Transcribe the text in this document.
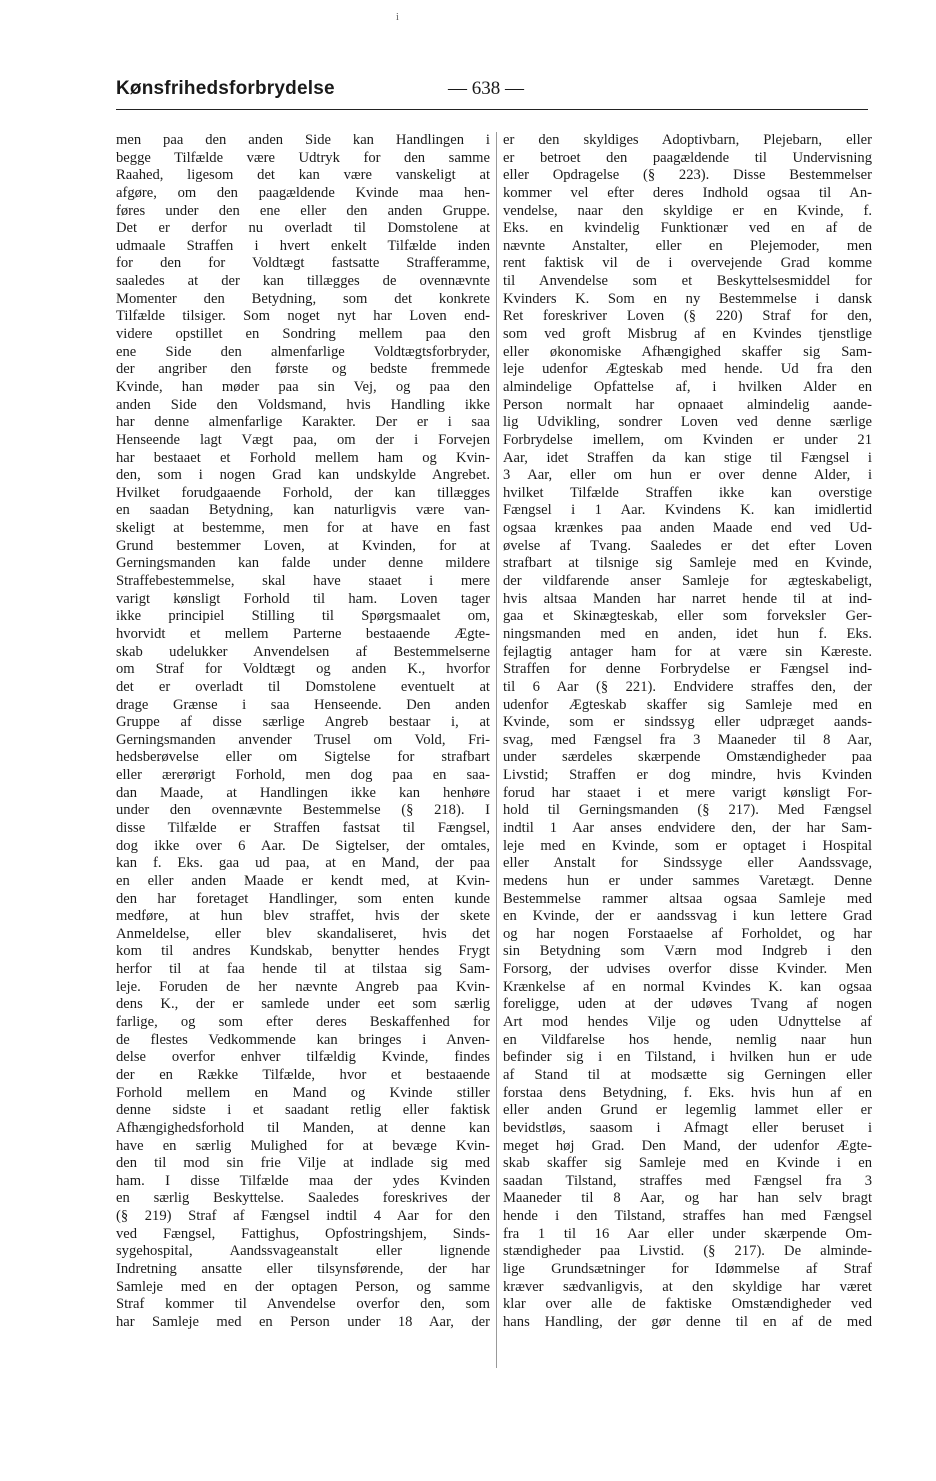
i
Kønsfrihedsforbrydelse	— 638 —
men paa den anden Side kan Handlingen i
begge Tilfælde være Udtryk for den samme
Raahed, ligesom det kan være vanskeligt at
afgøre, om den paagældende Kvinde maa hen-
føres under den ene eller den anden Gruppe.
Det er derfor nu overladt til Domstolene at
udmaale Straffen i hvert enkelt Tilfælde inden
for den for Voldtægt fastsatte Strafferamme,
saaledes at der kan tillægges de ovennævnte
Momenter den Betydning, som det konkrete
Tilfælde tilsiger. Som noget nyt har Loven end-
videre opstillet en Sondring mellem paa den
ene Side den almenfarlige Voldtægtsforbryder,
der angriber den første og bedste fremmede
Kvinde, han møder paa sin Vej, og paa den
anden Side den Voldsmand, hvis Handling ikke
har denne almenfarlige Karakter. Der er i saa
Henseende lagt Vægt paa, om der i Forvejen
har bestaaet et Forhold mellem ham og Kvin-
den, som i nogen Grad kan undskylde Angrebet.
Hvilket forudgaaende Forhold, der kan tillægges
en saadan Betydning, kan naturligvis være van-
skeligt at bestemme, men for at have en fast
Grund bestemmer Loven, at Kvinden, for at
Gerningsmanden kan falde under denne mildere
Straffebestemmelse, skal have staaet i mere
varigt kønsligt Forhold til ham. Loven tager
ikke principiel Stilling til Spørgsmaalet om,
hvorvidt et mellem Parterne bestaaende Ægte-
skab udelukker Anvendelsen af Bestemmelserne
om Straf for Voldtægt og anden K., hvorfor
det er overladt til Domstolene eventuelt at
drage Grænse i saa Henseende. Den anden
Gruppe af disse særlige Angreb bestaar i, at
Gerningsmanden anvender Trusel om Vold, Fri-
hedsberøvelse eller om Sigtelse for strafbart
eller ærerørigt Forhold, men dog paa en saa-
dan Maade, at Handlingen ikke kan henhøre
under den ovennævnte Bestemmelse (§ 218). I
disse Tilfælde er Straffen fastsat til Fængsel,
dog ikke over 6 Aar. De Sigtelser, der omtales,
kan f. Eks. gaa ud paa, at en Mand, der paa
en eller anden Maade er kendt med, at Kvin-
den har foretaget Handlinger, som enten kunde
medføre, at hun blev straffet, hvis der skete
Anmeldelse, eller blev skandaliseret, hvis det
kom til andres Kundskab, benytter hendes Frygt
herfor til at faa hende til at tilstaa sig Sam-
leje. Foruden de her nævnte Angreb paa Kvin-
dens K., der er samlede under eet som særlig
farlige, og som efter deres Beskaffenhed for
de flestes Vedkommende kan bringes i Anven-
delse overfor enhver tilfældig Kvinde, findes
der en Række Tilfælde, hvor et bestaaende
Forhold mellem en Mand og Kvinde stiller
denne sidste i et saadant retlig eller faktisk
Afhængighedsforhold til Manden, at denne kan
have en særlig Mulighed for at bevæge Kvin-
den til mod sin frie Vilje at indlade sig med
ham. I disse Tilfælde maa der ydes Kvinden
en særlig Beskyttelse. Saaledes foreskrives der
(§ 219) Straf af Fængsel indtil 4 Aar for den
ved Fængsel, Fattighus, Opfostringshjem, Sinds-
sygehospital, Aandssvageanstalt eller lignende
Indretning ansatte eller tilsynsførende, der har
Samleje med en der optagen Person, og samme
Straf kommer til Anvendelse overfor den, som
har Samleje med en Person under 18 Aar, der
er den skyldiges Adoptivbarn, Plejebarn, eller
er betroet den paagældende til Undervisning
eller Opdragelse (§ 223). Disse Bestemmelser
kommer vel efter deres Indhold ogsaa til An-
vendelse, naar den skyldige er en Kvinde, f.
Eks. en kvindelig Funktionær ved en af de
nævnte Anstalter, eller en Plejemoder, men
rent faktisk vil de i overvejende Grad komme
til Anvendelse som et Beskyttelsesmiddel for
Kvinders K. Som en ny Bestemmelse i dansk
Ret foreskriver Loven (§ 220) Straf for den,
som ved groft Misbrug af en Kvindes tjenstlige
eller økonomiske Afhængighed skaffer sig Sam-
leje udenfor Ægteskab med hende. Ud fra den
almindelige Opfattelse af, i hvilken Alder en
Person normalt har opnaaet almindelig aande-
lig Udvikling, sondrer Loven ved denne særlige
Forbrydelse imellem, om Kvinden er under 21
Aar, idet Straffen da kan stige til Fængsel i
3 Aar, eller om hun er over denne Alder, i
hvilket Tilfælde Straffen ikke kan overstige
Fængsel i 1 Aar. Kvindens K. kan imidlertid
ogsaa krænkes paa anden Maade end ved Ud-
øvelse af Tvang. Saaledes er det efter Loven
strafbart at tilsnige sig Samleje med en Kvinde,
der vildfarende anser Samleje for ægteskabeligt,
hvis altsaa Manden har narret hende til at ind-
gaa et Skinægteskab, eller som forveksler Ger-
ningsmanden med en anden, idet hun f. Eks.
fejlagtig antager ham for at være sin Kæreste.
Straffen for denne Forbrydelse er Fængsel ind-
til 6 Aar (§ 221). Endvidere straffes den, der
udenfor Ægteskab skaffer sig Samleje med en
Kvinde, som er sindssyg eller udpræget aands-
svag, med Fængsel fra 3 Maaneder til 8 Aar,
under særdeles skærpende Omstændigheder paa
Livstid; Straffen er dog mindre, hvis Kvinden
forud har staaet i et mere varigt kønsligt For-
hold til Gerningsmanden (§ 217). Med Fængsel
indtil 1 Aar anses endvidere den, der har Sam-
leje med en Kvinde, som er optaget i Hospital
eller Anstalt for Sindssyge eller Aandssvage,
medens hun er under sammes Varetægt. Denne
Bestemmelse rammer altsaa ogsaa Samleje med
en Kvinde, der er aandssvag i kun lettere Grad
og har nogen Forstaaelse af Forholdet, og har
sin Betydning som Værn mod Indgreb i den
Forsorg, der udvises overfor disse Kvinder. Men
Krænkelse af en normal Kvindes K. kan ogsaa
foreligge, uden at der udøves Tvang af nogen
Art mod hendes Vilje og uden Udnyttelse af
en Vildfarelse hos hende, nemlig naar hun
befinder sig i en Tilstand, i hvilken hun er ude
af Stand til at modsætte sig Gerningen eller
forstaa dens Betydning, f. Eks. hvis hun af en
eller anden Grund er legemlig lammet eller er
bevidstløs, saasom i Afmagt eller beruset i
meget høj Grad. Den Mand, der udenfor Ægte-
skab skaffer sig Samleje med en Kvinde i en
saadan Tilstand, straffes med Fængsel fra 3
Maaneder til 8 Aar, og har han selv bragt
hende i den Tilstand, straffes han med Fængsel
fra 1 til 16 Aar eller under skærpende Om-
stændigheder paa Livstid. (§ 217). De alminde-
lige Grundsætninger for Idømmelse af Straf
kræver sædvanligvis, at den skyldige har været
klar over alle de faktiske Omstændigheder ved
hans Handling, der gør denne til en af de med
